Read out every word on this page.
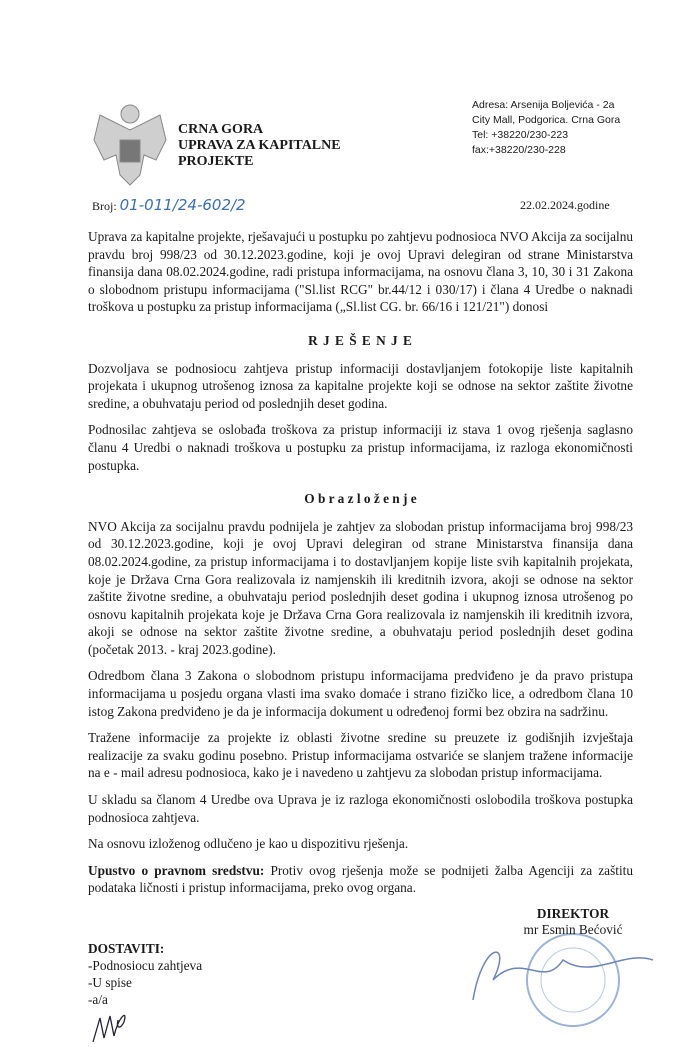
CRNA GORA
UPRAVA ZA KAPITALNE
PROJEKTE
Adresa: Arsenija Boljevića - 2a
City Mall, Podgorica. Crna Gora
Tel: +38220/230-223
fax:+38220/230-228
Broj: 01-011/24-602/2	22.02.2024.godine
Uprava za kapitalne projekte, rješavajući u postupku po zahtjevu podnosioca NVO Akcija za socijalnu pravdu broj 998/23 od 30.12.2023.godine, koji je ovoj Upravi delegiran od strane Ministarstva finansija dana 08.02.2024.godine, radi pristupa informacijama, na osnovu člana 3, 10, 30 i 31 Zakona o slobodnom pristupu informacijama ("Sl.list RCG" br.44/12 i 030/17) i člana 4 Uredbe o naknadi troškova u postupku za pristup informacijama („Sl.list CG. br. 66/16 i 121/21") donosi
R J E Š E N J E
Dozvoljava se podnosiocu zahtjeva pristup informaciji dostavljanjem fotokopije liste kapitalnih projekata i ukupnog utrošenog iznosa za kapitalne projekte koji se odnose na sektor zaštite životne sredine, a obuhvataju period od poslednjih deset godina.
Podnosilac zahtjeva se oslobađa troškova za pristup informaciji iz stava 1 ovog rješenja saglasno članu 4 Uredbi o naknadi troškova u postupku za pristup informacijama, iz razloga ekonomičnosti postupka.
O b r a z l o ž e n j e
NVO Akcija za socijalnu pravdu podnijela je zahtjev za slobodan pristup informacijama broj 998/23 od 30.12.2023.godine, koji je ovoj Upravi delegiran od strane Ministarstva finansija dana 08.02.2024.godine, za pristup informacijama i to dostavljanjem kopije liste svih kapitalnih projekata, koje je Država Crna Gora realizovala iz namjenskih ili kreditnih izvora, akoji se odnose na sektor zaštite životne sredine, a obuhvataju period poslednjih deset godina i ukupnog iznosa utrošenog po osnovu kapitalnih projekata koje je Država Crna Gora realizovala iz namjenskih ili kreditnih izvora, akoji se odnose na sektor zaštite životne sredine, a obuhvataju period poslednjih deset godina (početak 2013. - kraj 2023.godine).
Odredbom člana 3 Zakona o slobodnom pristupu informacijama predviđeno je da pravo pristupa informacijama u posjedu organa vlasti ima svako domaće i strano fizičko lice, a odredbom člana 10 istog Zakona predviđeno je da je informacija dokument u određenoj formi bez obzira na sadržinu.
Tražene informacije za projekte iz oblasti životne sredine su preuzete iz godišnjih izvještaja realizacije za svaku godinu posebno. Pristup informacijama ostvariće se slanjem tražene informacije na e - mail adresu podnosioca, kako je i navedeno u zahtjevu za slobodan pristup informacijama.
U skladu sa članom 4 Uredbe ova Uprava je iz razloga ekonomičnosti oslobodila troškova postupka podnosioca zahtjeva.
Na osnovu izloženog odlučeno je kao u dispozitivu rješenja.
Upustvo o pravnom sredstvu: Protiv ovog rješenja može se podnijeti žalba Agenciji za zaštitu podataka ličnosti i pristup informacijama, preko ovog organa.
DIREKTOR
mr Esmin Bećović
DOSTAVITI:
-Podnosiocu zahtjeva
-U spise
-a/a
